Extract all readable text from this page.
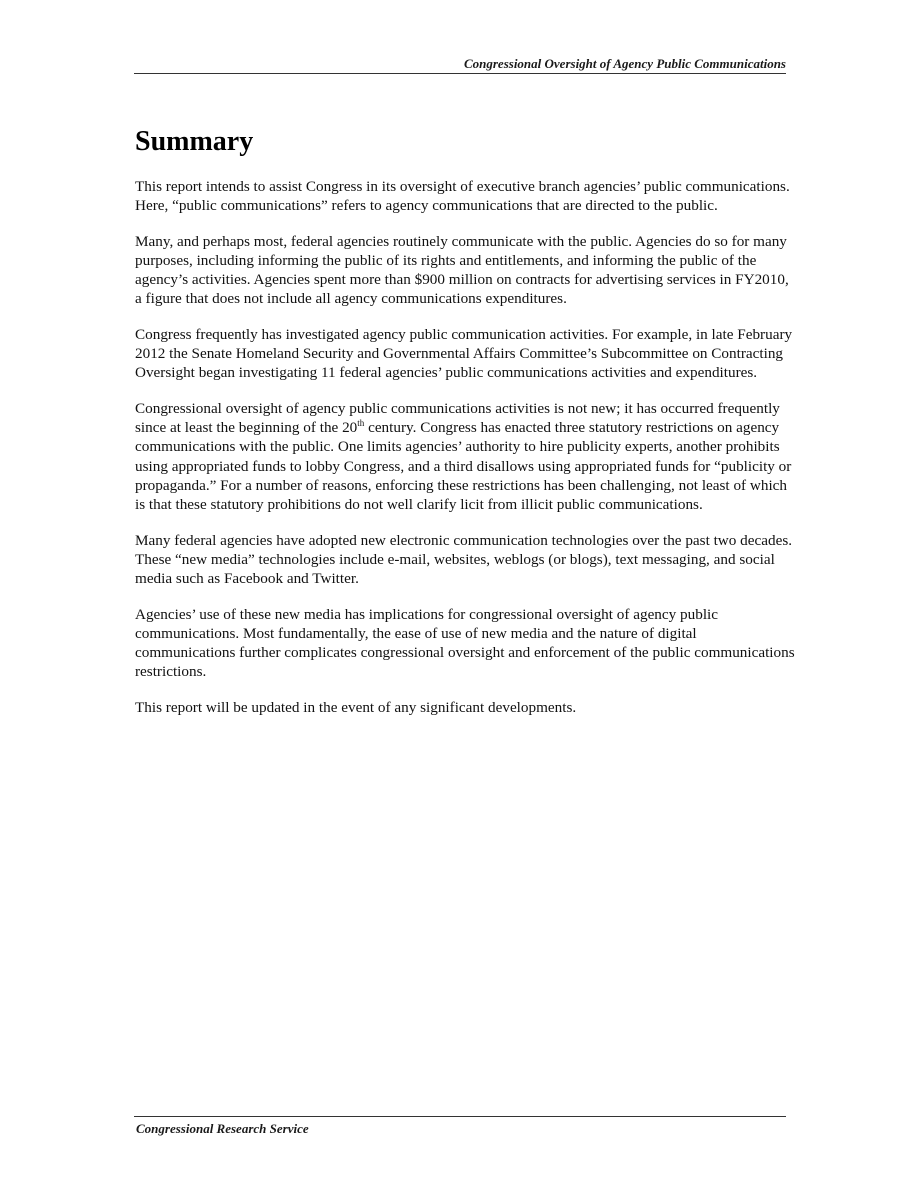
Congressional Oversight of Agency Public Communications
Summary

This report intends to assist Congress in its oversight of executive branch agencies’ public communications. Here, “public communications” refers to agency communications that are directed to the public.

Many, and perhaps most, federal agencies routinely communicate with the public. Agencies do so for many purposes, including informing the public of its rights and entitlements, and informing the public of the agency’s activities. Agencies spent more than $900 million on contracts for advertising services in FY2010, a figure that does not include all agency communications expenditures.

Congress frequently has investigated agency public communication activities. For example, in late February 2012 the Senate Homeland Security and Governmental Affairs Committee’s Subcommittee on Contracting Oversight began investigating 11 federal agencies’ public communications activities and expenditures.

Congressional oversight of agency public communications activities is not new; it has occurred frequently since at least the beginning of the 20th century. Congress has enacted three statutory restrictions on agency communications with the public. One limits agencies’ authority to hire publicity experts, another prohibits using appropriated funds to lobby Congress, and a third disallows using appropriated funds for “publicity or propaganda.” For a number of reasons, enforcing these restrictions has been challenging, not least of which is that these statutory prohibitions do not well clarify licit from illicit public communications.

Many federal agencies have adopted new electronic communication technologies over the past two decades. These “new media” technologies include e-mail, websites, weblogs (or blogs), text messaging, and social media such as Facebook and Twitter.

Agencies’ use of these new media has implications for congressional oversight of agency public communications. Most fundamentally, the ease of use of new media and the nature of digital communications further complicates congressional oversight and enforcement of the public communications restrictions.

This report will be updated in the event of any significant developments.

Congressional Research Service
